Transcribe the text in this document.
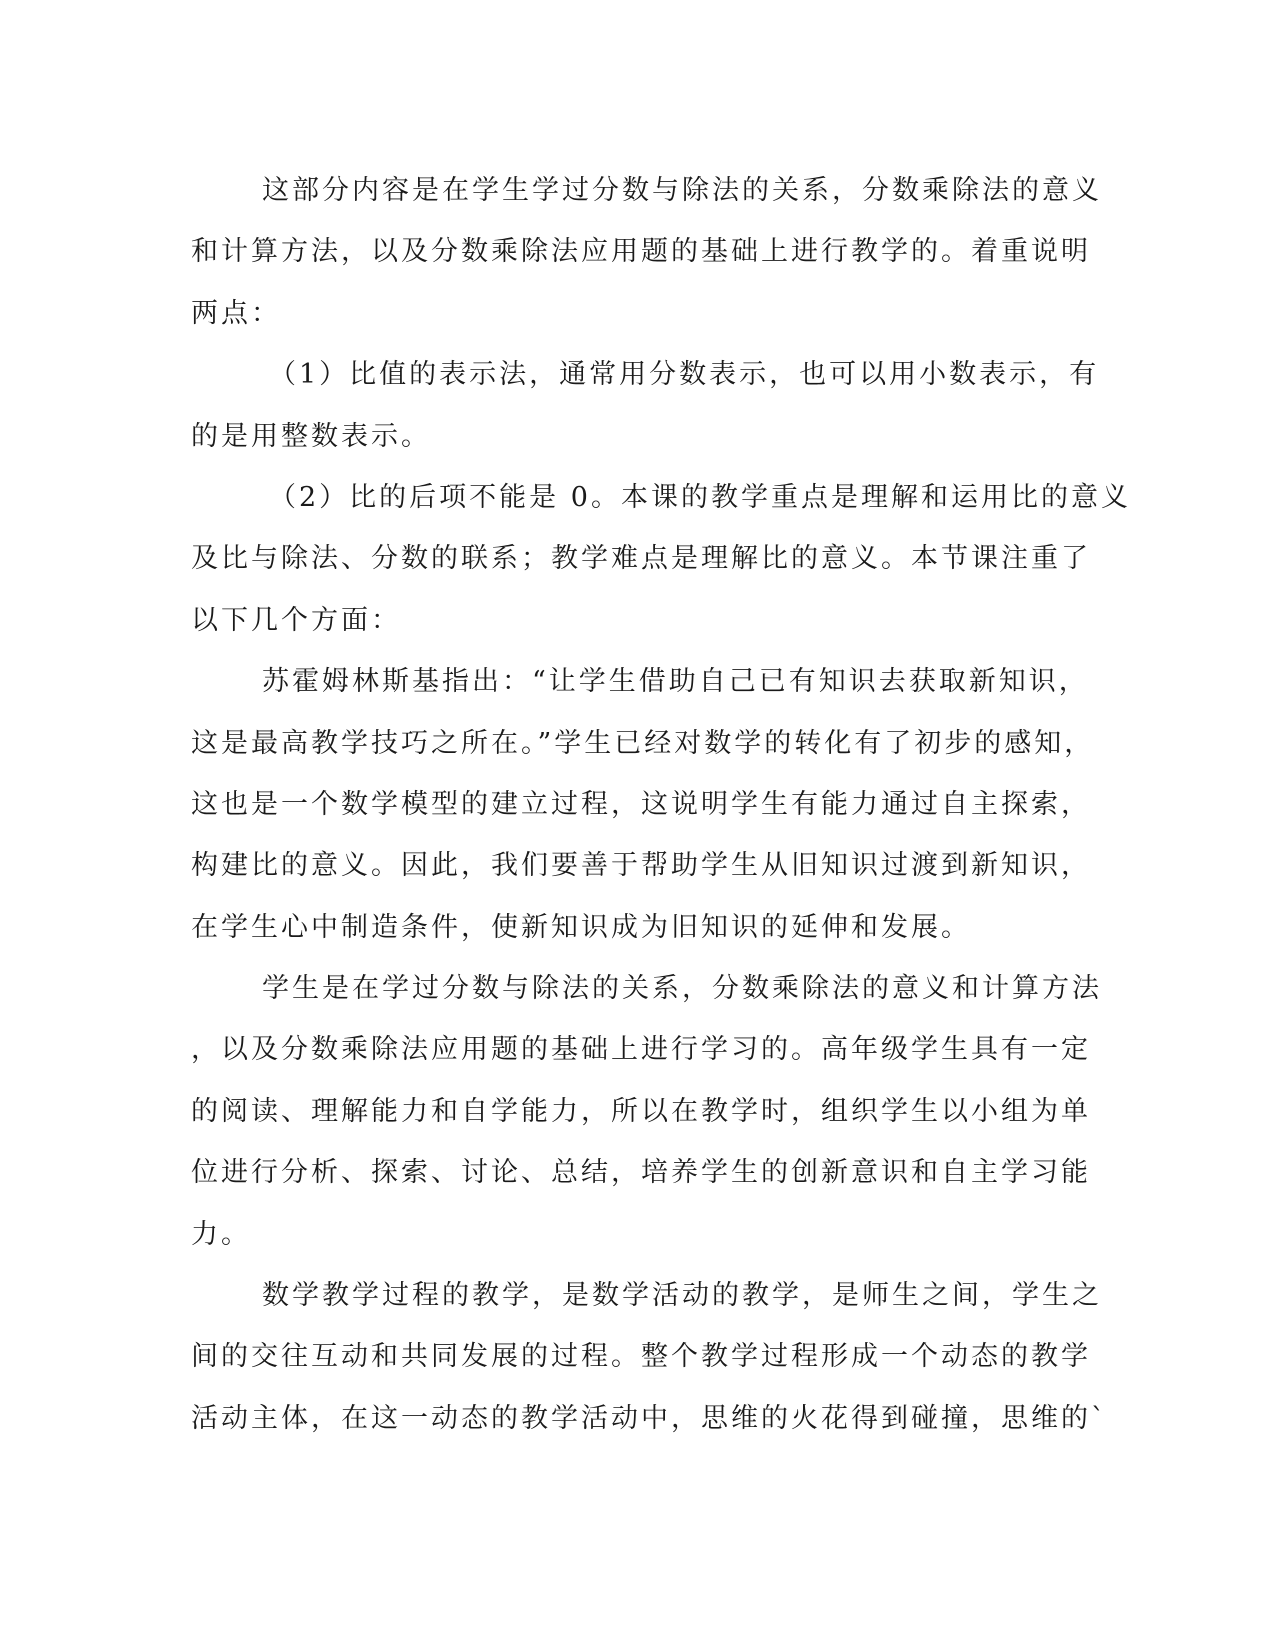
这部分内容是在学生学过分数与除法的关系，分数乘除法的意义
和计算方法，以及分数乘除法应用题的基础上进行教学的。着重说明
两点：
（1）比值的表示法，通常用分数表示，也可以用小数表示，有
的是用整数表示。
（2）比的后项不能是 0。本课的教学重点是理解和运用比的意义
及比与除法、分数的联系；教学难点是理解比的意义。本节课注重了
以下几个方面：
苏霍姆林斯基指出：“让学生借助自己已有知识去获取新知识，
这是最高教学技巧之所在。”学生已经对数学的转化有了初步的感知，
这也是一个数学模型的建立过程，这说明学生有能力通过自主探索，
构建比的意义。因此，我们要善于帮助学生从旧知识过渡到新知识，
在学生心中制造条件，使新知识成为旧知识的延伸和发展。
学生是在学过分数与除法的关系，分数乘除法的意义和计算方法
，以及分数乘除法应用题的基础上进行学习的。高年级学生具有一定
的阅读、理解能力和自学能力，所以在教学时，组织学生以小组为单
位进行分析、探索、讨论、总结，培养学生的创新意识和自主学习能
力。
数学教学过程的教学，是数学活动的教学，是师生之间，学生之
间的交往互动和共同发展的过程。整个教学过程形成一个动态的教学
活动主体，在这一动态的教学活动中，思维的火花得到碰撞，思维的`
